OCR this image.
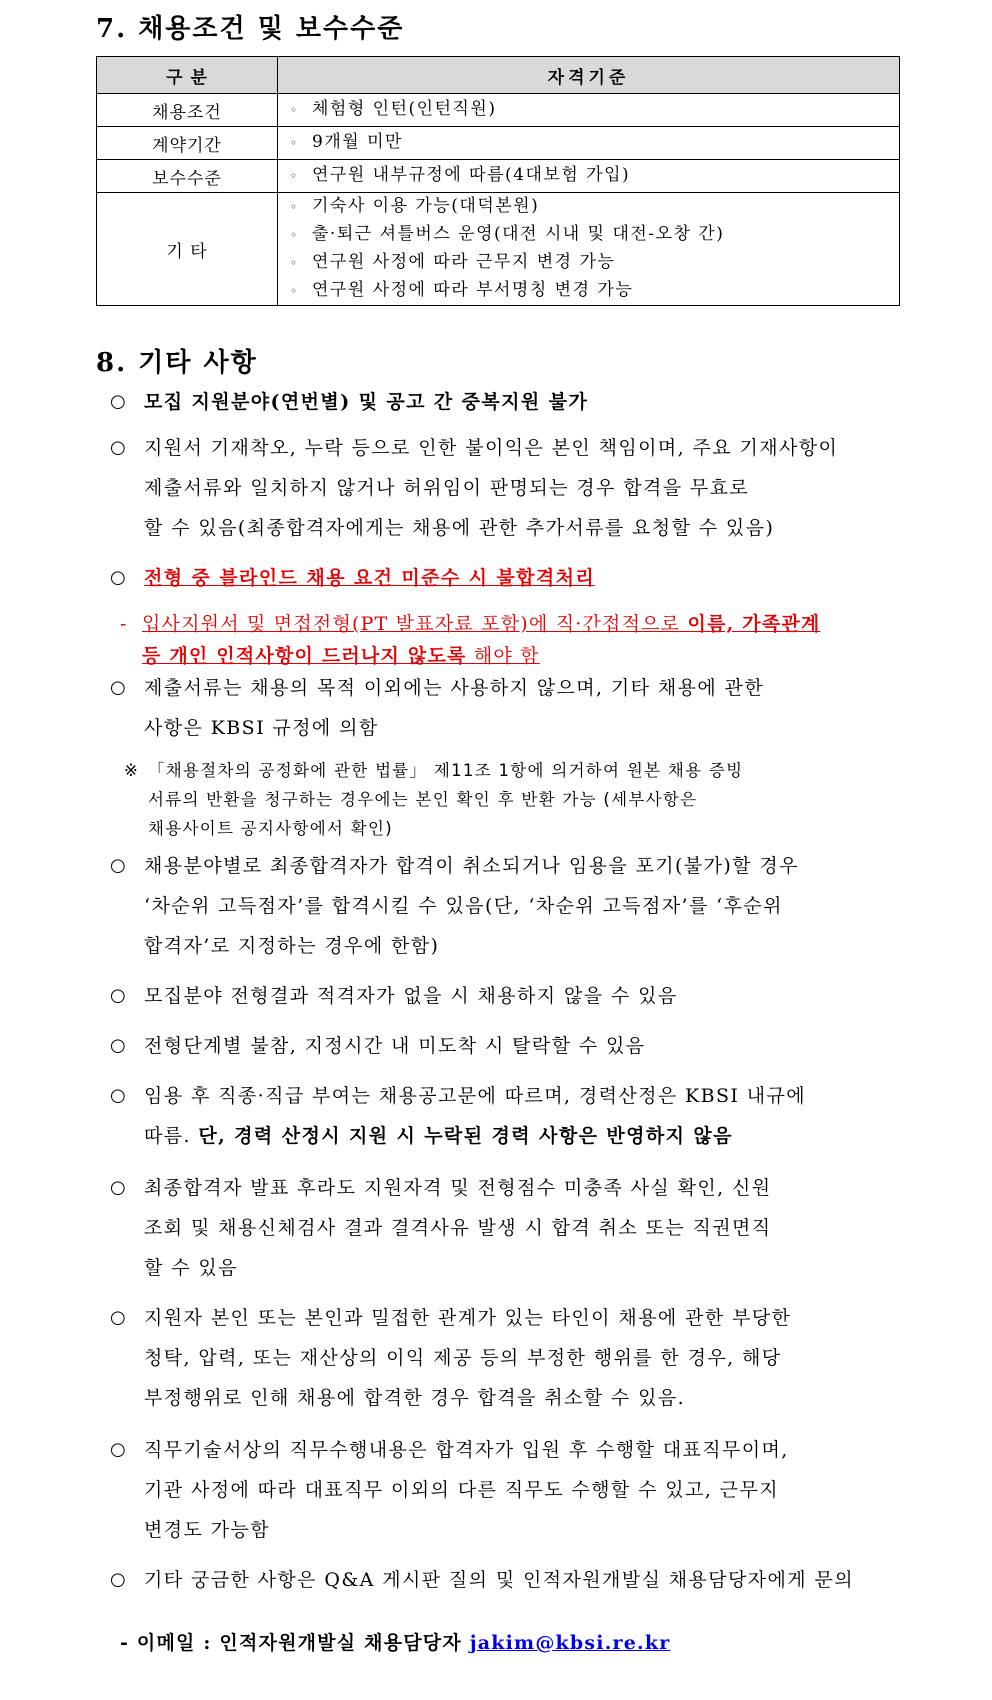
7. 채용조건 및 보수수준
구 분	자격기준
채용조건	◦ 체험형 인턴(인턴직원)

계약기간	◦ 9개월 미만

보수수준	◦ 연구원 내부규정에 따름(4대보험 가입)

기 타	◦ 기숙사 이용 가능(대덕본원)
◦ 출·퇴근 셔틀버스 운영(대전 시내 및 대전-오창 간)
◦ 연구원 사정에 따라 근무지 변경 가능
◦ 연구원 사정에 따라 부서명칭 변경 가능
8. 기타 사항
○ 모집 지원분야(연번별) 및 공고 간 중복지원 불가
○ 지원서 기재착오, 누락 등으로 인한 불이익은 본인 책임이며, 주요 기재사항이
제출서류와 일치하지 않거나 허위임이 판명되는 경우 합격을 무효로
할 수 있음(최종합격자에게는 채용에 관한 추가서류를 요청할 수 있음)
○ 전형 중 블라인드 채용 요건 미준수 시 불합격처리
- 입사지원서 및 면접전형(PT 발표자료 포함)에 직·간접적으로 이름, 가족관계
등 개인 인적사항이 드러나지 않도록 해야 함
○ 제출서류는 채용의 목적 이외에는 사용하지 않으며, 기타 채용에 관한
사항은 KBSI 규정에 의함
※ 「채용절차의 공정화에 관한 법률」 제11조 1항에 의거하여 원본 채용 증빙
서류의 반환을 청구하는 경우에는 본인 확인 후 반환 가능 (세부사항은
채용사이트 공지사항에서 확인)
○ 채용분야별로 최종합격자가 합격이 취소되거나 임용을 포기(불가)할 경우
‘차순위 고득점자’를 합격시킬 수 있음(단, ‘차순위 고득점자’를 ‘후순위
합격자’로 지정하는 경우에 한함)
○ 모집분야 전형결과 적격자가 없을 시 채용하지 않을 수 있음
○ 전형단계별 불참, 지정시간 내 미도착 시 탈락할 수 있음
○ 임용 후 직종·직급 부여는 채용공고문에 따르며, 경력산정은 KBSI 내규에
따름. 단, 경력 산정시 지원 시 누락된 경력 사항은 반영하지 않음
○ 최종합격자 발표 후라도 지원자격 및 전형점수 미충족 사실 확인, 신원
조회 및 채용신체검사 결과 결격사유 발생 시 합격 취소 또는 직권면직
할 수 있음
○ 지원자 본인 또는 본인과 밀접한 관계가 있는 타인이 채용에 관한 부당한
청탁, 압력, 또는 재산상의 이익 제공 등의 부정한 행위를 한 경우, 해당
부정행위로 인해 채용에 합격한 경우 합격을 취소할 수 있음.
○ 직무기술서상의 직무수행내용은 합격자가 입원 후 수행할 대표직무이며,
기관 사정에 따라 대표직무 이외의 다른 직무도 수행할 수 있고, 근무지
변경도 가능함
○ 기타 궁금한 사항은 Q&A 게시판 질의 및 인적자원개발실 채용담당자에게 문의
- 이메일 : 인적자원개발실 채용담당자 jakim@kbsi.re.kr
